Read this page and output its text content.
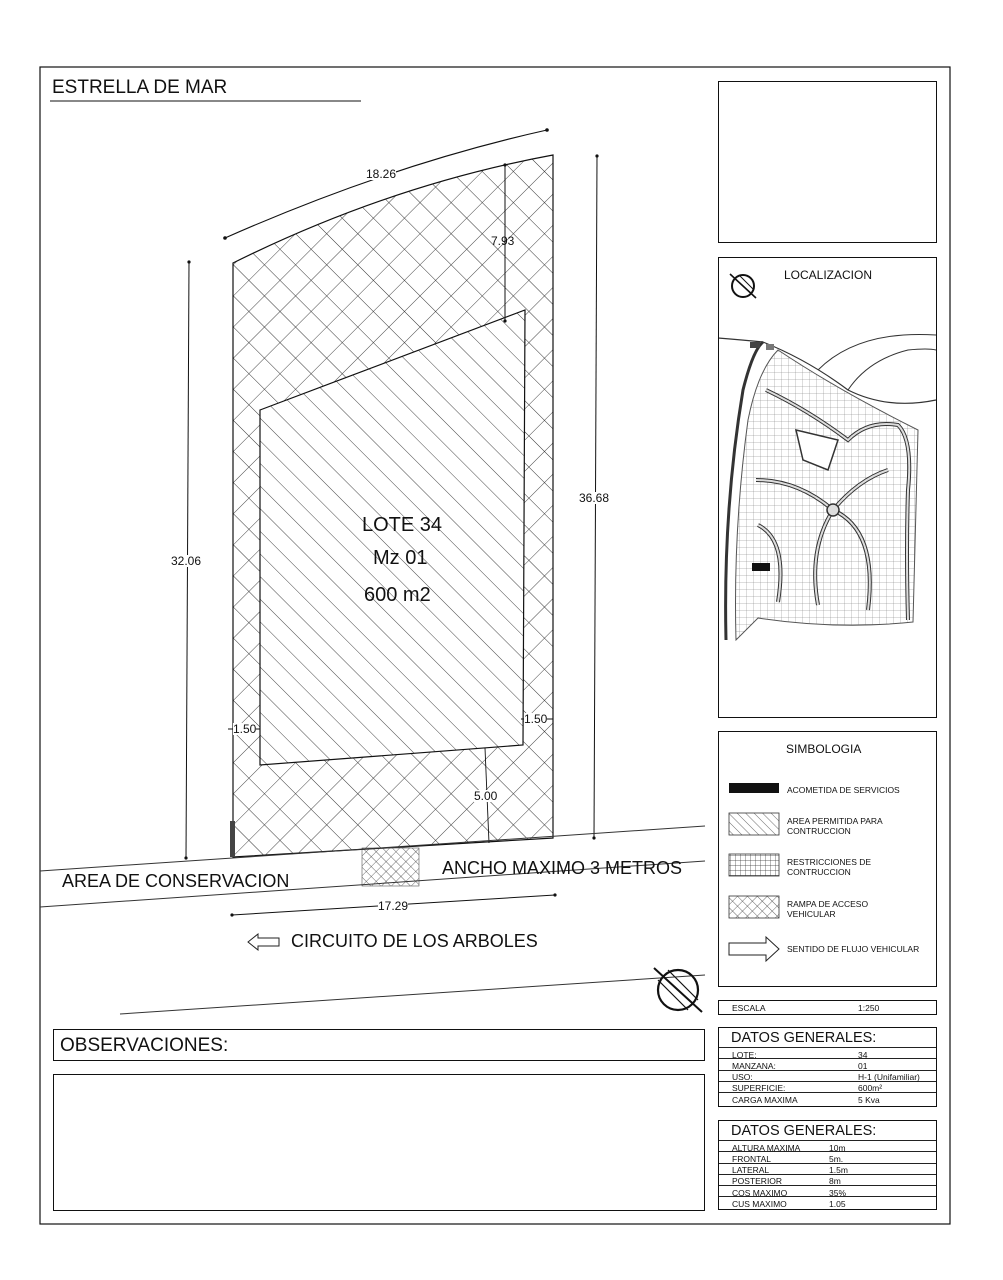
ESTRELLA DE MAR
LOTE 34
Mz 01
600 m2
18.26
7.93
32.06
36.68
1.50
1.50
5.00
17.29
AREA DE CONSERVACION
ANCHO MAXIMO 3 METROS
CIRCUITO DE LOS ARBOLES
LOCALIZACION
SIMBOLOGIA
ACOMETIDA DE SERVICIOS
AREA PERMITIDA PARA
CONTRUCCION
RESTRICCIONES DE
CONTRUCCION
RAMPA DE ACCESO
VEHICULAR
SENTIDO DE FLUJO VEHICULAR
ESCALA	1:250
DATOS GENERALES:
LOTE:	34
MANZANA:	01
USO:	H-1 (Unifamiliar)
SUPERFICIE:	600m²
CARGA MAXIMA	5 Kva
DATOS GENERALES:
ALTURA MAXIMA	10m
FRONTAL	5m.
LATERAL	1.5m
POSTERIOR	8m
COS MAXIMO	35%
CUS MAXIMO	1.05
OBSERVACIONES:
